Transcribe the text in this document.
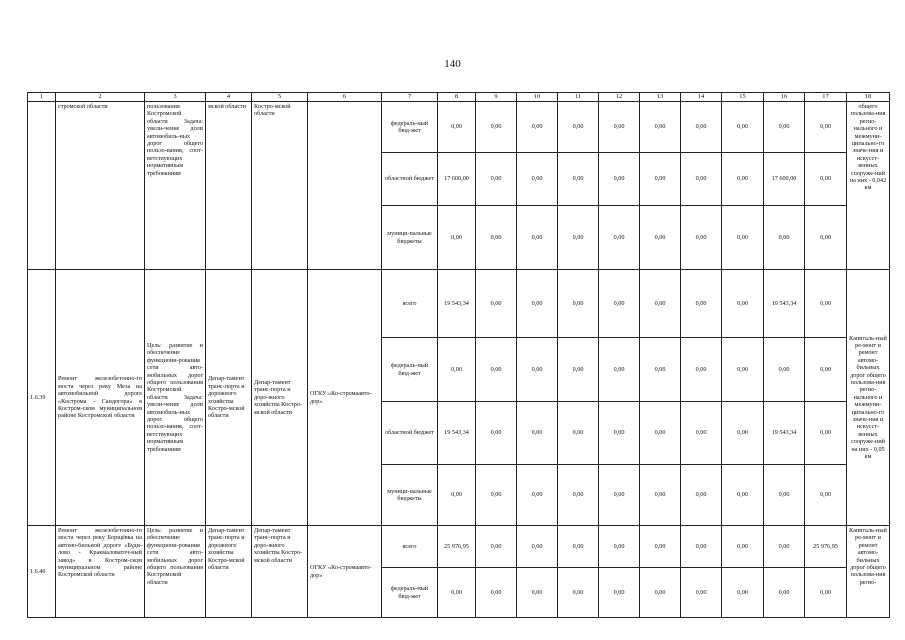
140
1	2	3	4	5	6	7	8	9	10	11	12	13	14	15	16	17	18
	стромской области	пользования Костромской области Задача: увели-чение доли автомобиль-ных дорог общего пользо-вания, соот-ветствующих нормативным требованиям	мской области	Костро-мской области		федераль-ный бюд-жет	0,00	0,00	0,00	0,00	0,00	0,00	0,00	0,00	0,00	0,00	общего пользова-ния регио-нального и межмуни-ципально-го значе-ния и искусст-венных сооруже-ний на них - 0,042 км
						областной бюджет	17 600,00	0,00	0,00	0,00	0,00	0,00	0,00	0,00	17 600,00	0,00	
						муници-пальные бюджеты	0,00	0,00	0,00	0,00	0,00	0,00	0,00	0,00	0,00	0,00	
1.6.39	Ремонт железобетонно-го моста через реку Меза на автомобильной дороге «Кострома - Сандогора» в Костром-ском муниципальном районе Костромской области	Цель: развитие и обеспечение функциони-рования сети авто-мобильных дорог общего пользования Костромской области Задача: увели-чение доли автомобиль-ных дорог общего пользо-вания, соот-ветствующих нормативным требованиям	Депар-тамент транс-порта и дорожного хозяйства Костро-мской области	Депар-тамент транс-порта и доро-жного хозяйства Костро-мской области	ОГКУ «Ко-стромаавто-дор»	всего	19 543,34	0,00	0,00	0,00	0,00	0,00	0,00	0,00	19 543,34	0,00	Капиталь-ный ре-монт и ремонт автомо-бильных дорог общего пользова-ния регио-нального и межмуни-ципально-го значе-ния и искусст-венных сооруже-ний на них - 0,05 км
						федераль-ный бюд-жет	0,00	0,00	0,00	0,00	0,00	0,00	0,00	0,00	0,00	0,00	
						областной бюджет	19 543,34	0,00	0,00	0,00	0,00	0,00	0,00	0,00	19 543,34	0,00	
						муници-пальные бюджеты	0,00	0,00	0,00	0,00	0,00	0,00	0,00	0,00	0,00	0,00	
1.6.40	Ремонт железобетонно-го моста через реку Борщёвка на автомо-бильной дороге «Буди-лово - Кракмаловаточ-ный завод» в Костром-ском муниципальном районе Костромской области	Цель: развитие и обеспечение функциони-рования сети авто-мобильных дорог общего пользования Костромской области	Депар-тамент транс-порта и дорожного хозяйства Костро-мской области	Депар-тамент транс-порта и доро-жного хозяйства Костро-мской области	ОГКУ «Ко-стромаавто-дор»	всего	25 976,95	0,00	0,00	0,00	0,00	0,00	0,00	0,00	0,00	25 976,95	Капиталь-ный ре-монт и ремонт автомо-бильных дорог общего пользова-ния регио-
						федераль-ный бюд-жет	0,00	0,00	0,00	0,00	0,00	0,00	0,00	0,00	0,00	0,00	
